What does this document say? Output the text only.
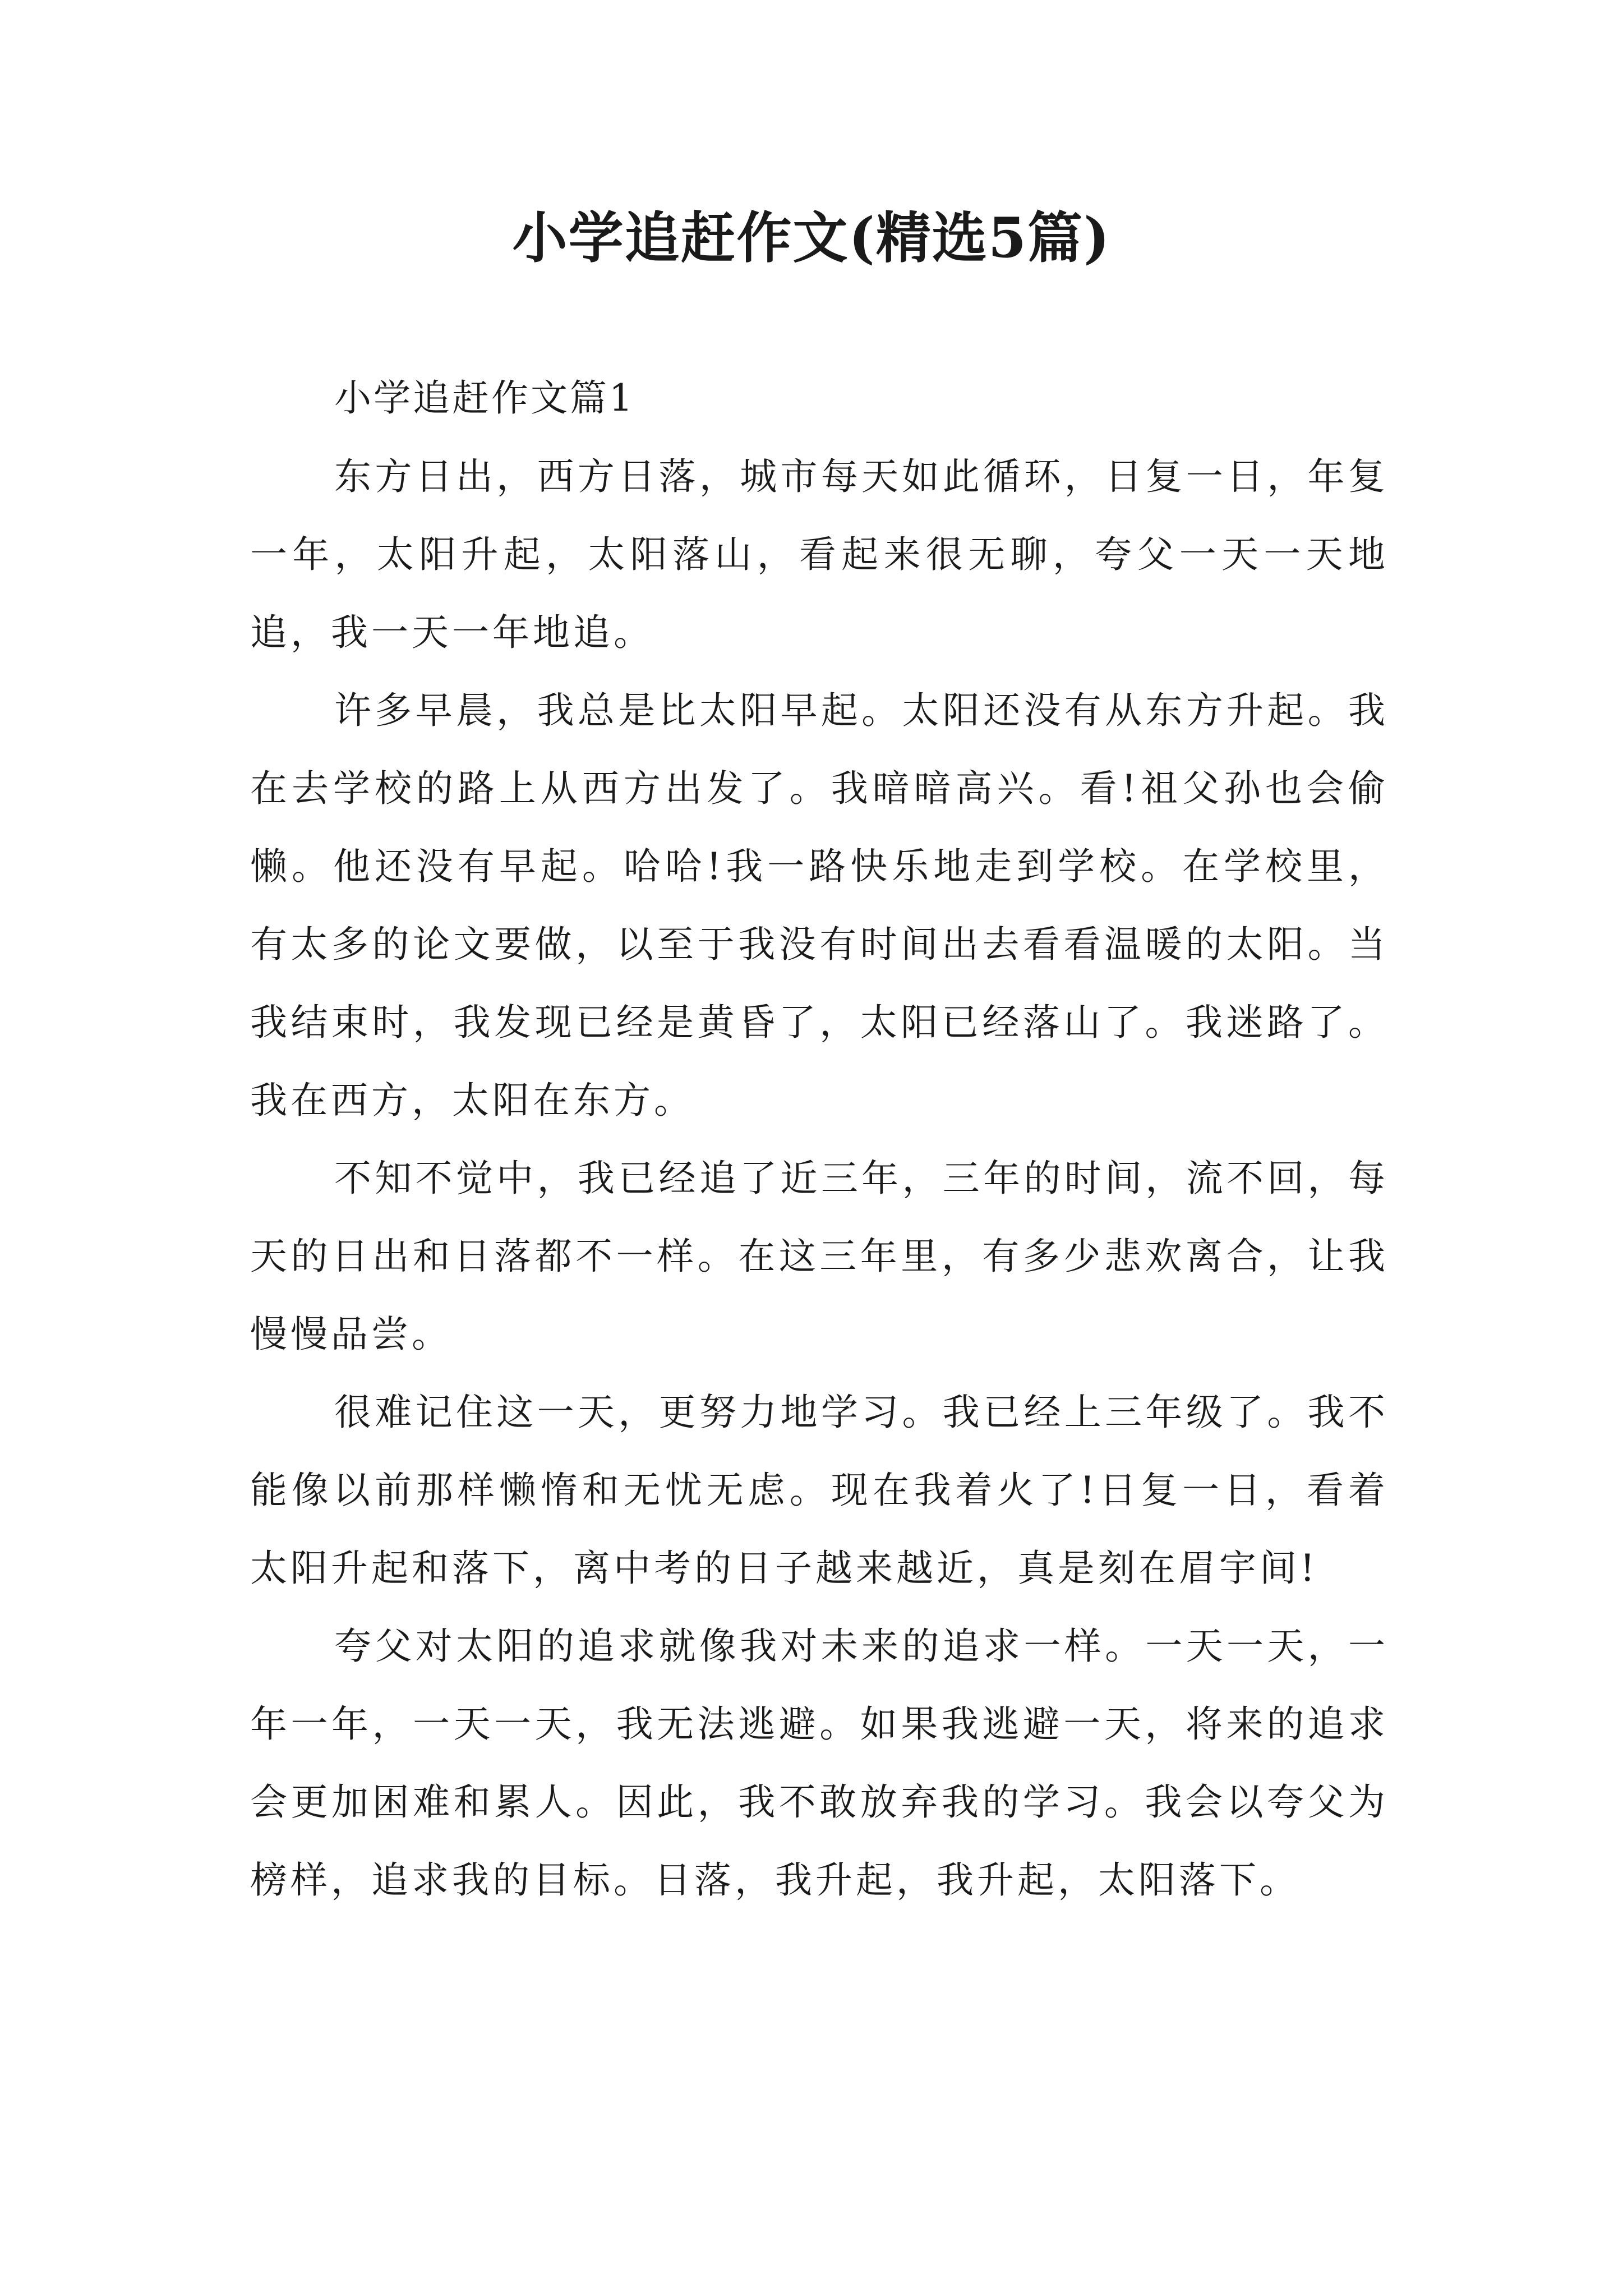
小学追赶作文(精选5篇)

小学追赶作文篇1

东方日出，西方日落，城市每天如此循环，日复一日，年复一年，太阳升起，太阳落山，看起来很无聊，夸父一天一天地追，我一天一年地追。

许多早晨，我总是比太阳早起。太阳还没有从东方升起。我在去学校的路上从西方出发了。我暗暗高兴。看!祖父孙也会偷懒。他还没有早起。哈哈!我一路快乐地走到学校。在学校里，有太多的论文要做，以至于我没有时间出去看看温暖的太阳。当我结束时，我发现已经是黄昏了，太阳已经落山了。我迷路了。我在西方，太阳在东方。

不知不觉中，我已经追了近三年，三年的时间，流不回，每天的日出和日落都不一样。在这三年里，有多少悲欢离合，让我慢慢品尝。

很难记住这一天，更努力地学习。我已经上三年级了。我不能像以前那样懒惰和无忧无虑。现在我着火了!日复一日，看着太阳升起和落下，离中考的日子越来越近，真是刻在眉宇间!

夸父对太阳的追求就像我对未来的追求一样。一天一天，一年一年，一天一天，我无法逃避。如果我逃避一天，将来的追求会更加困难和累人。因此，我不敢放弃我的学习。我会以夸父为榜样，追求我的目标。日落，我升起，我升起，太阳落下。
